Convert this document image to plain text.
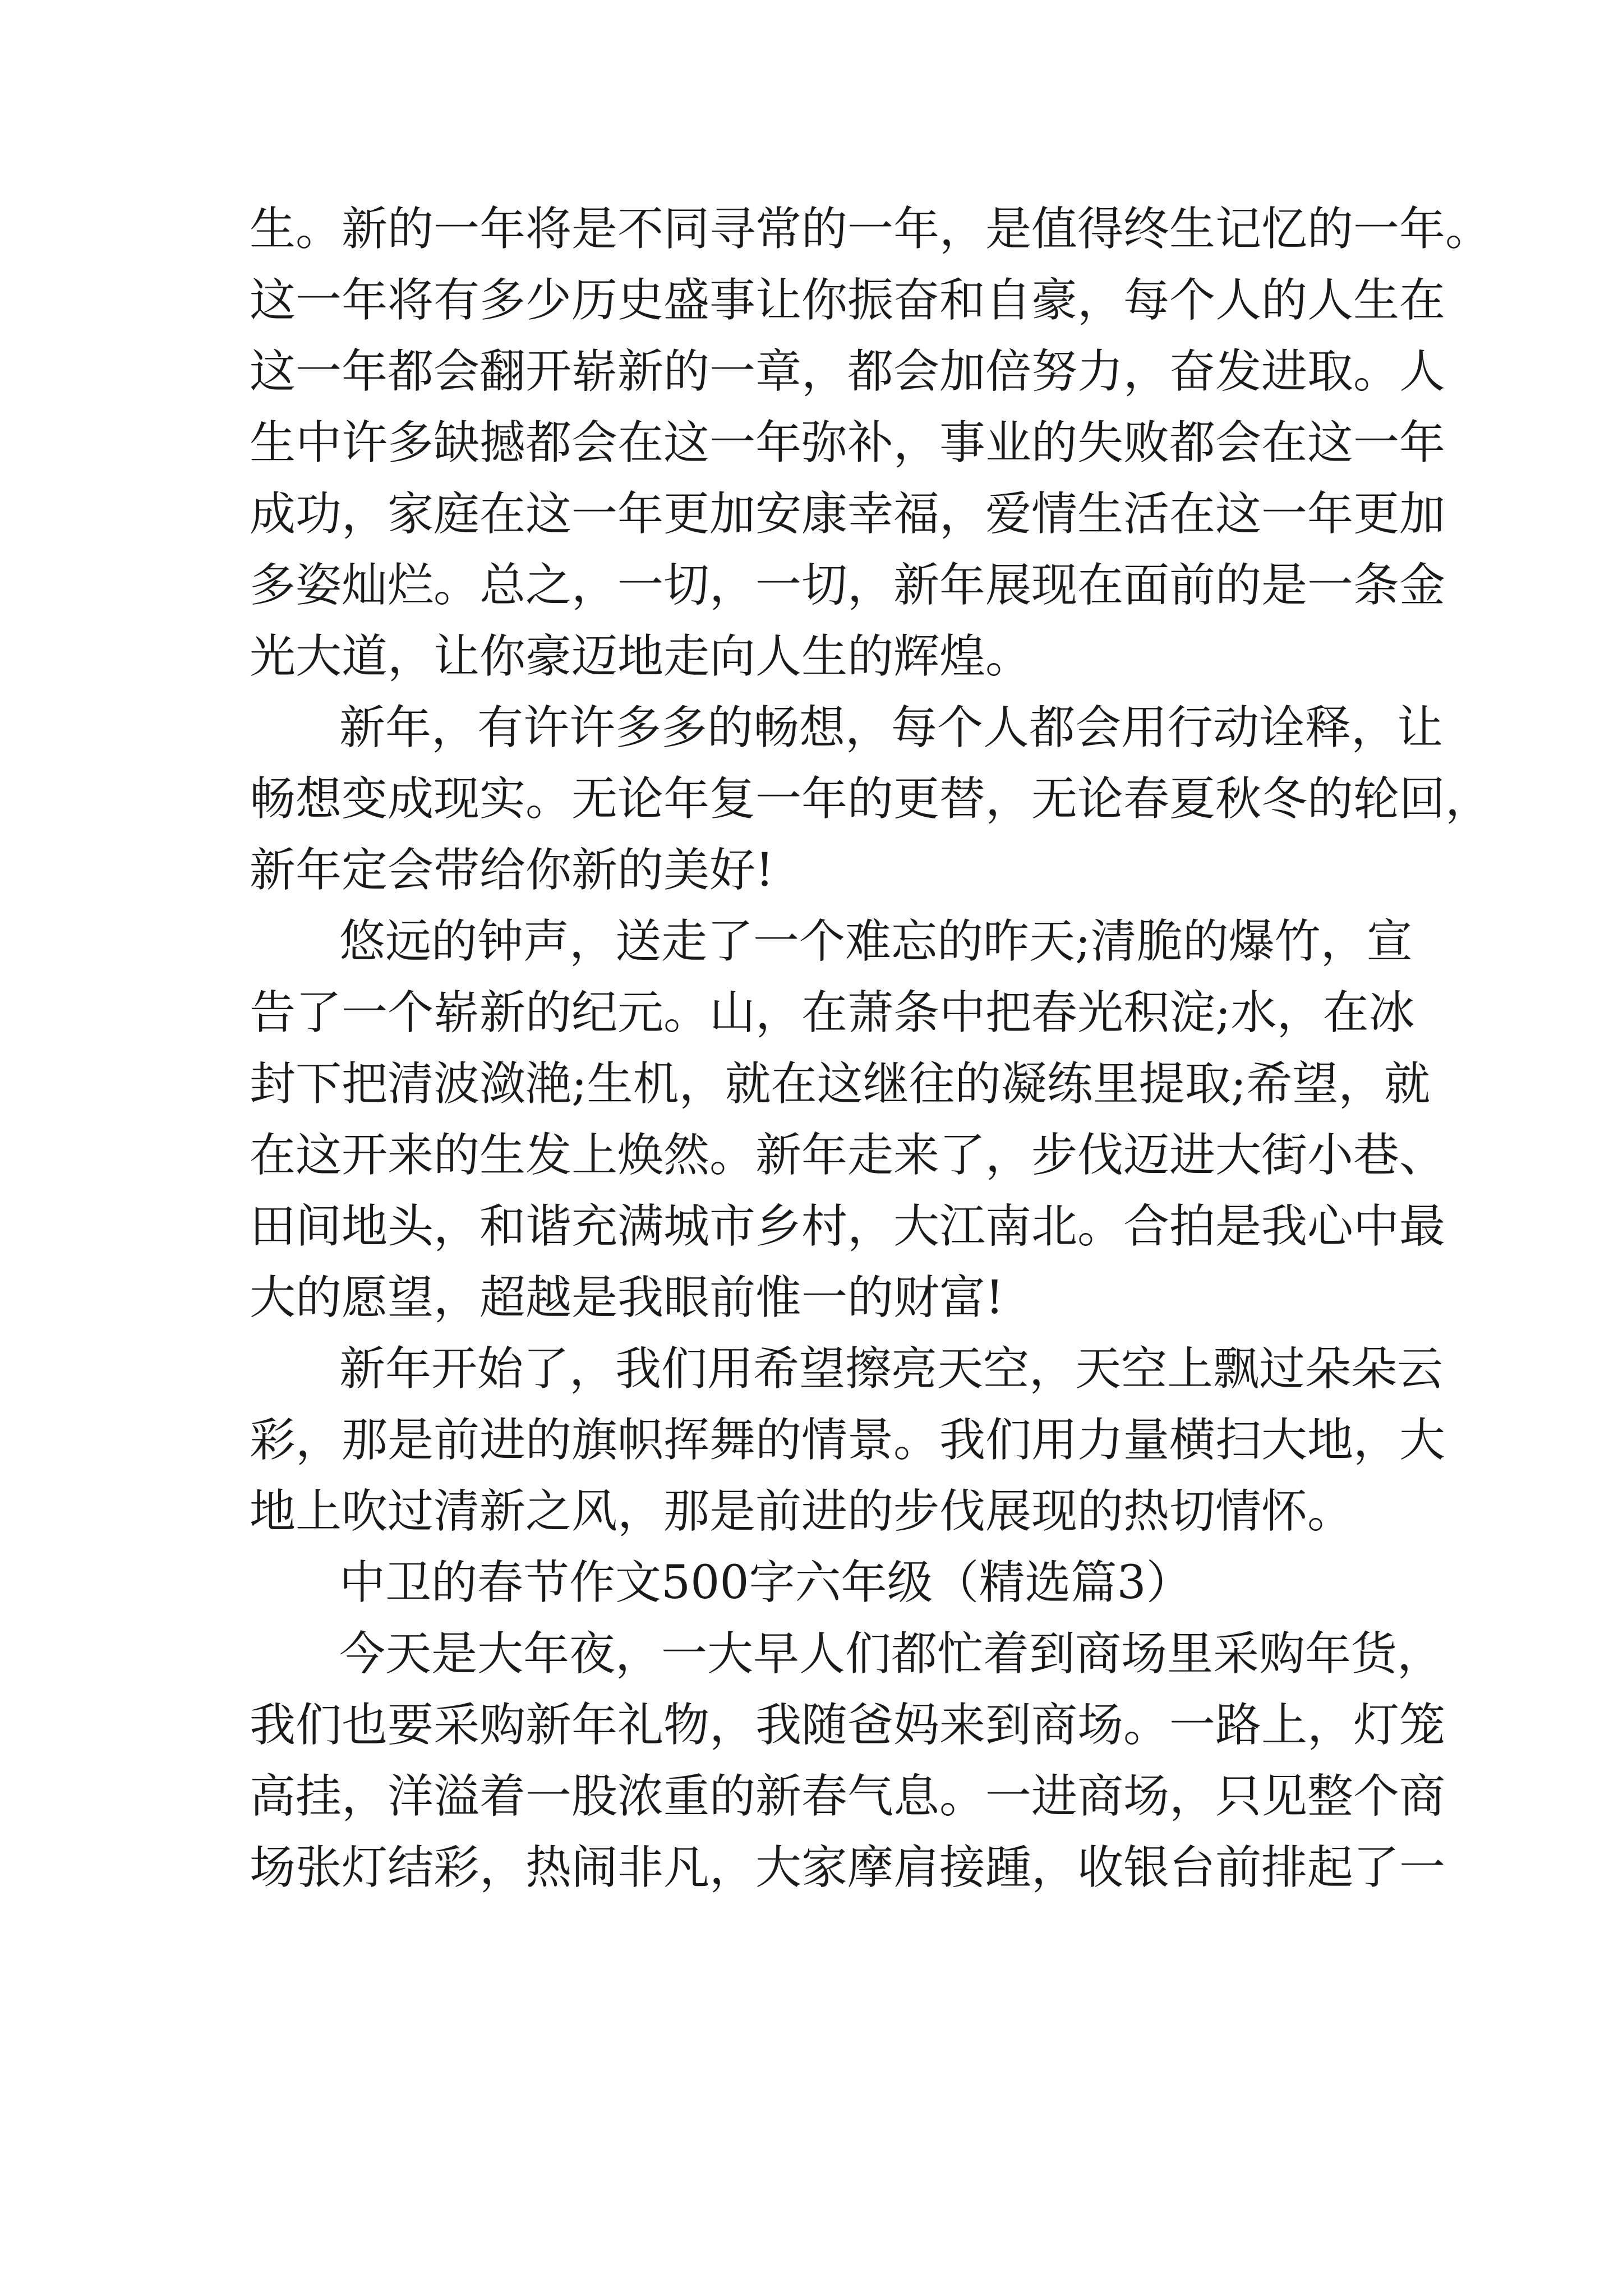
生。新的一年将是不同寻常的一年，是值得终生记忆的一年。
这一年将有多少历史盛事让你振奋和自豪，每个人的人生在
这一年都会翻开崭新的一章，都会加倍努力，奋发进取。人
生中许多缺撼都会在这一年弥补，事业的失败都会在这一年
成功，家庭在这一年更加安康幸福，爱情生活在这一年更加
多姿灿烂。总之，一切，一切，新年展现在面前的是一条金
光大道，让你豪迈地走向人生的辉煌。
新年，有许许多多的畅想，每个人都会用行动诠释，让
畅想变成现实。无论年复一年的更替，无论春夏秋冬的轮回，
新年定会带给你新的美好!
悠远的钟声，送走了一个难忘的昨天;清脆的爆竹，宣
告了一个崭新的纪元。山，在萧条中把春光积淀;水，在冰
封下把清波潋滟;生机，就在这继往的凝练里提取;希望，就
在这开来的生发上焕然。新年走来了，步伐迈进大街小巷、
田间地头，和谐充满城市乡村，大江南北。合拍是我心中最
大的愿望，超越是我眼前惟一的财富!
新年开始了，我们用希望擦亮天空，天空上飘过朵朵云
彩，那是前进的旗帜挥舞的情景。我们用力量横扫大地，大
地上吹过清新之风，那是前进的步伐展现的热切情怀。
中卫的春节作文500字六年级（精选篇3）
今天是大年夜，一大早人们都忙着到商场里采购年货，
我们也要采购新年礼物，我随爸妈来到商场。一路上，灯笼
高挂，洋溢着一股浓重的新春气息。一进商场，只见整个商
场张灯结彩，热闹非凡，大家摩肩接踵，收银台前排起了一
